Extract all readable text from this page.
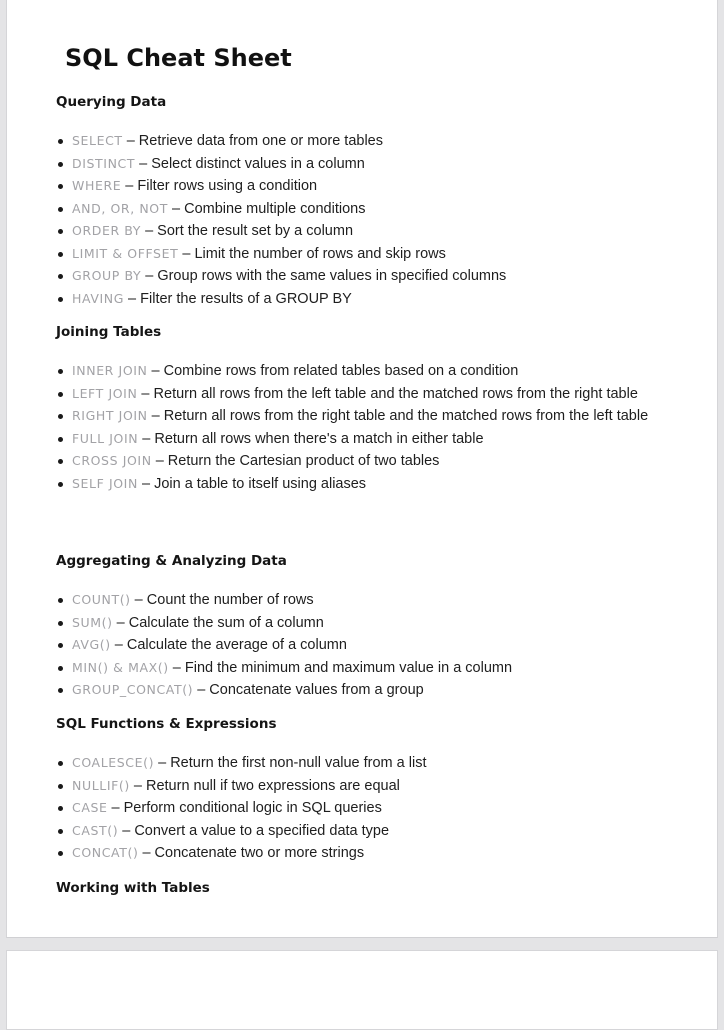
SQL Cheat Sheet
Querying Data
SELECT – Retrieve data from one or more tables
DISTINCT – Select distinct values in a column
WHERE – Filter rows using a condition
AND, OR, NOT – Combine multiple conditions
ORDER BY – Sort the result set by a column
LIMIT & OFFSET – Limit the number of rows and skip rows
GROUP BY – Group rows with the same values in specified columns
HAVING – Filter the results of a GROUP BY
Joining Tables
INNER JOIN – Combine rows from related tables based on a condition
LEFT JOIN – Return all rows from the left table and the matched rows from the right table
RIGHT JOIN – Return all rows from the right table and the matched rows from the left table
FULL JOIN – Return all rows when there's a match in either table
CROSS JOIN – Return the Cartesian product of two tables
SELF JOIN – Join a table to itself using aliases
Aggregating & Analyzing Data
COUNT() – Count the number of rows
SUM() – Calculate the sum of a column
AVG() – Calculate the average of a column
MIN() & MAX() – Find the minimum and maximum value in a column
GROUP_CONCAT() – Concatenate values from a group
SQL Functions & Expressions
COALESCE() – Return the first non-null value from a list
NULLIF() – Return null if two expressions are equal
CASE – Perform conditional logic in SQL queries
CAST() – Convert a value to a specified data type
CONCAT() – Concatenate two or more strings
Working with Tables
